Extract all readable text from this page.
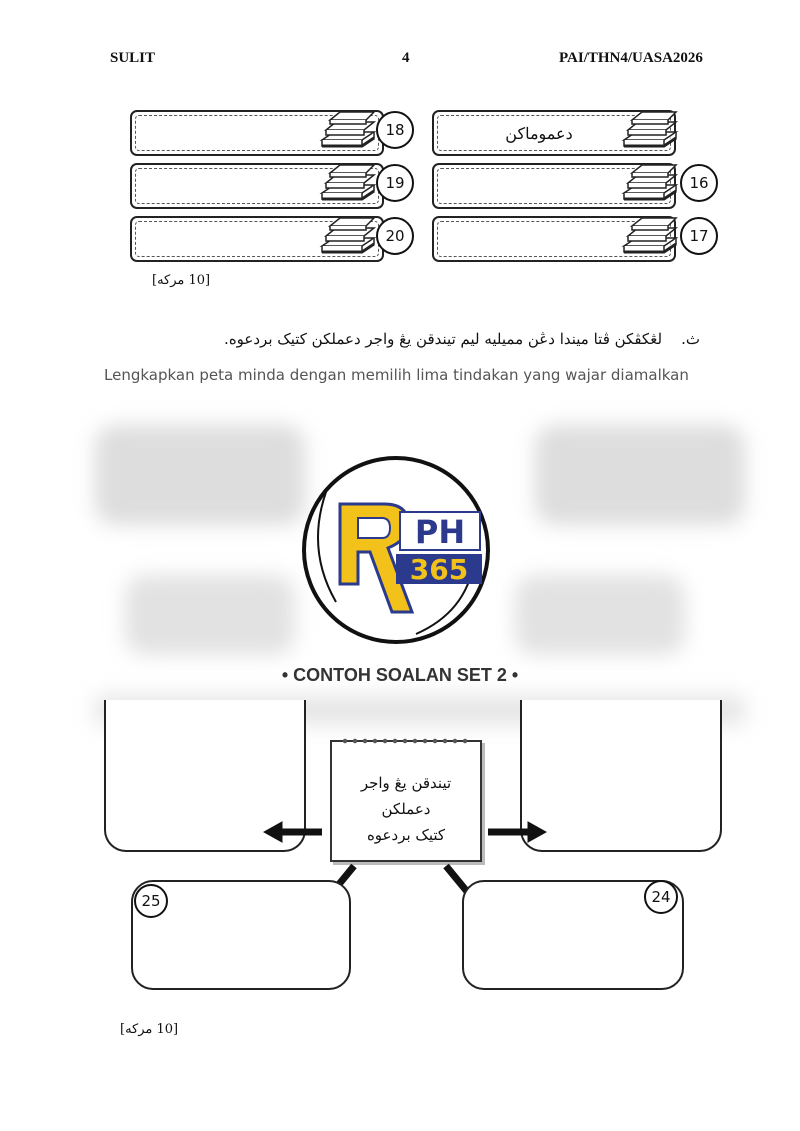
SULIT	4	PAI/THN4/UASA2026
دعموماكن
18
19
20
16
17
[10 مركه]
ث.    لڠكڤكن ڤتا ميندا دڠن مميليه ليم تيندقن يڠ واجر دعملكن كتيک بردعوه.
Lengkapkan peta minda dengan memilih lima tindakan yang wajar diamalkan
PH
365
• CONTOH SOALAN SET 2 •
تيندقن يڠ واجر دعملكن
كتيک بردعوه
25	24
[10 مركه]
